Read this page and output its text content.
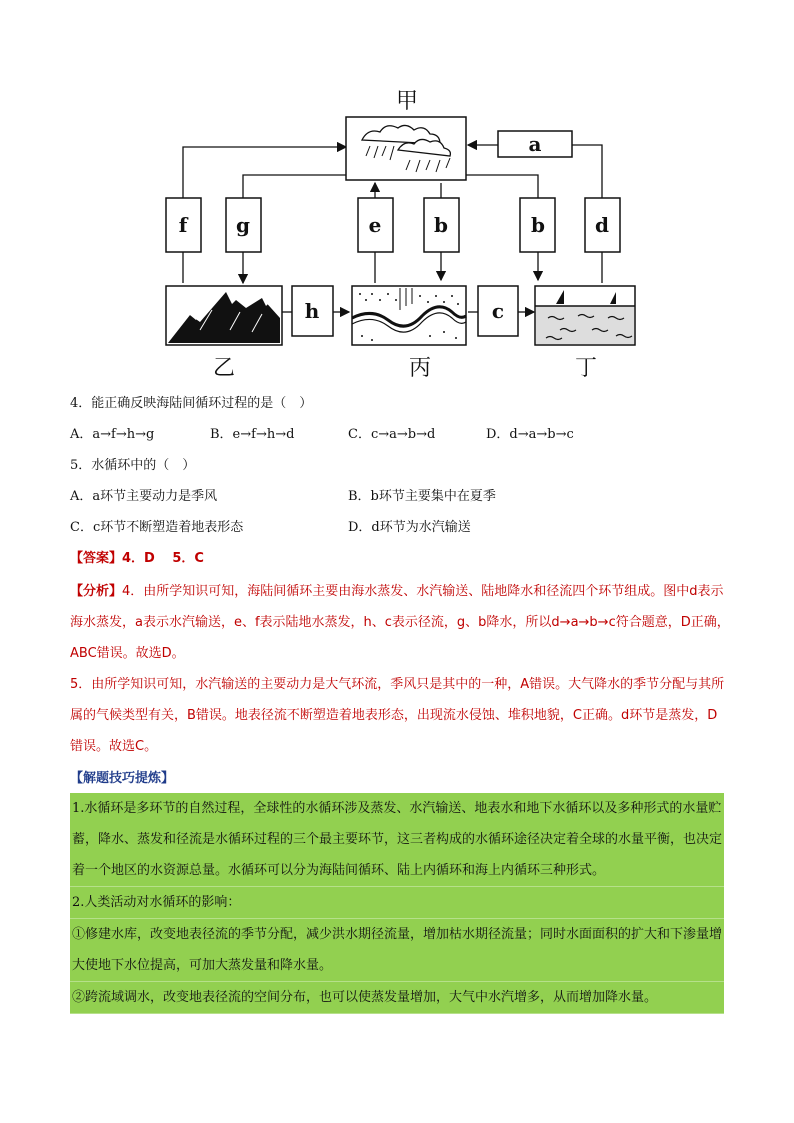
a
f g	e	b	b	d
h	c
甲
乙	丙	丁
4．能正确反映海陆间循环过程的是（　）
A．a→f→h→g	B．e→f→h→d	C．c→a→b→d	D．d→a→b→c
5．水循环中的（　）
A．a环节主要动力是季风	B．b环节主要集中在夏季
C．c环节不断塑造着地表形态	D．d环节为水汽输送
【答案】4．D　 5．C
【分析】4．由所学知识可知，海陆间循环主要由海水蒸发、水汽输送、陆地降水和径流四个环节组成。图中d表示海水蒸发，a表示水汽输送，e、f表示陆地水蒸发，h、c表示径流，g、b降水，所以d→a→b→c符合题意，D正确，ABC错误。故选D。
5．由所学知识可知，水汽输送的主要动力是大气环流，季风只是其中的一种，A错误。大气降水的季节分配与其所属的气候类型有关，B错误。地表径流不断塑造着地表形态，出现流水侵蚀、堆积地貌，C正确。d环节是蒸发，D错误。故选C。
【解题技巧提炼】

1.水循环是多环节的自然过程，全球性的水循环涉及蒸发、水汽输送、地表水和地下水循环以及多种形式的水量贮蓄，降水、蒸发和径流是水循环过程的三个最主要环节，这三者构成的水循环途径决定着全球的水量平衡，也决定着一个地区的水资源总量。水循环可以分为海陆间循环、陆上内循环和海上内循环三种形式。

2.人类活动对水循环的影响：

①修建水库，改变地表径流的季节分配，减少洪水期径流量，增加枯水期径流量；同时水面面积的扩大和下渗量增大使地下水位提高，可加大蒸发量和降水量。

②跨流域调水，改变地表径流的空间分布，也可以使蒸发量增加，大气中水汽增多，从而增加降水量。
